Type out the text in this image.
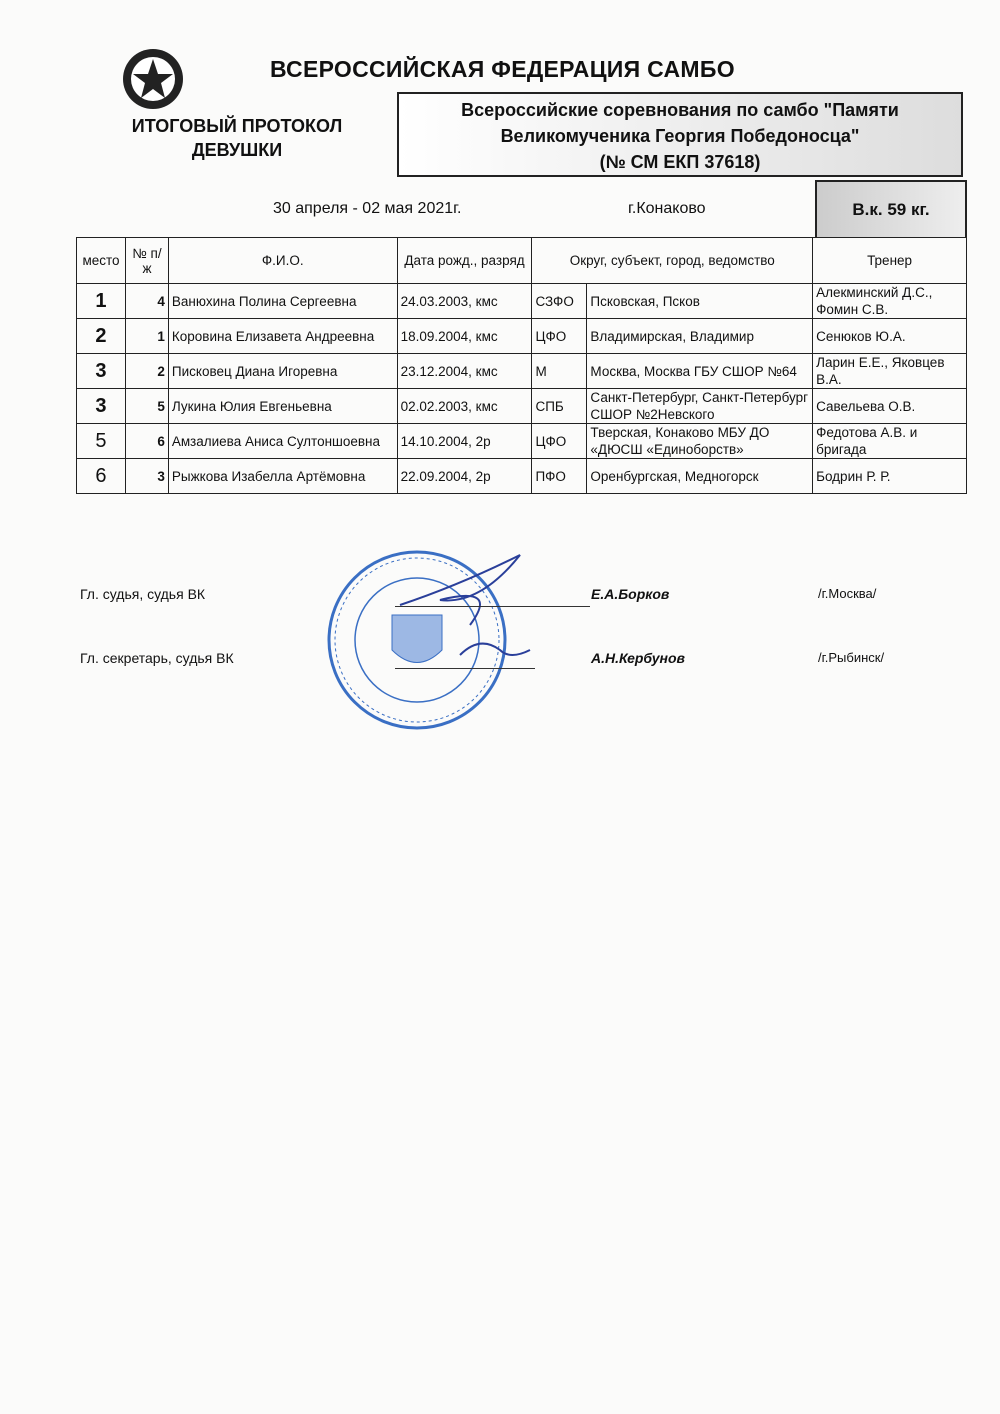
ВСЕРОССИЙСКАЯ ФЕДЕРАЦИЯ САМБО
ИТОГОВЫЙ ПРОТОКОЛ
ДЕВУШКИ
Всероссийские соревнования по самбо "Памяти
Великомученика Георгия Победоносца"
(№ СМ ЕКП 37618)
30 апреля - 02 мая 2021г.	г.Конаково	В.к. 59 кг.
место	№ п/ж	Ф.И.О.	Дата рожд., разряд	Округ, субъект, город, ведомство		Тренер
1	4	Ванюхина Полина Сергеевна	24.03.2003, кмс	СЗФО	Псковская, Псков	Алекминский Д.С., Фомин С.В.
2	1	Коровина Елизавета Андреевна	18.09.2004, кмс	ЦФО	Владимирская, Владимир	Сенюков Ю.А.
3	2	Писковец Диана Игоревна	23.12.2004, кмс	М	Москва, Москва ГБУ СШОР №64	Ларин Е.Е., Яковцев В.А.
3	5	Лукина Юлия Евгеньевна	02.02.2003, кмс	СПБ	Санкт-Петербург, Санкт-Петербург СШОР №2Невского	Савельева О.В.
5	6	Амзалиева Аниса Султоншоевна	14.10.2004, 2р	ЦФО	Тверская, Конаково МБУ ДО «ДЮСШ «Единоборств»	Федотова А.В. и бригада
6	3	Рыжкова Изабелла Артёмовна	22.09.2004, 2р	ПФО	Оренбургская, Медногорск	Бодрин Р. Р.
Гл. судья, судья ВК	Е.А.Борков	/г.Москва/
Гл. секретарь, судья ВК	А.Н.Кербунов	/г.Рыбинск/
